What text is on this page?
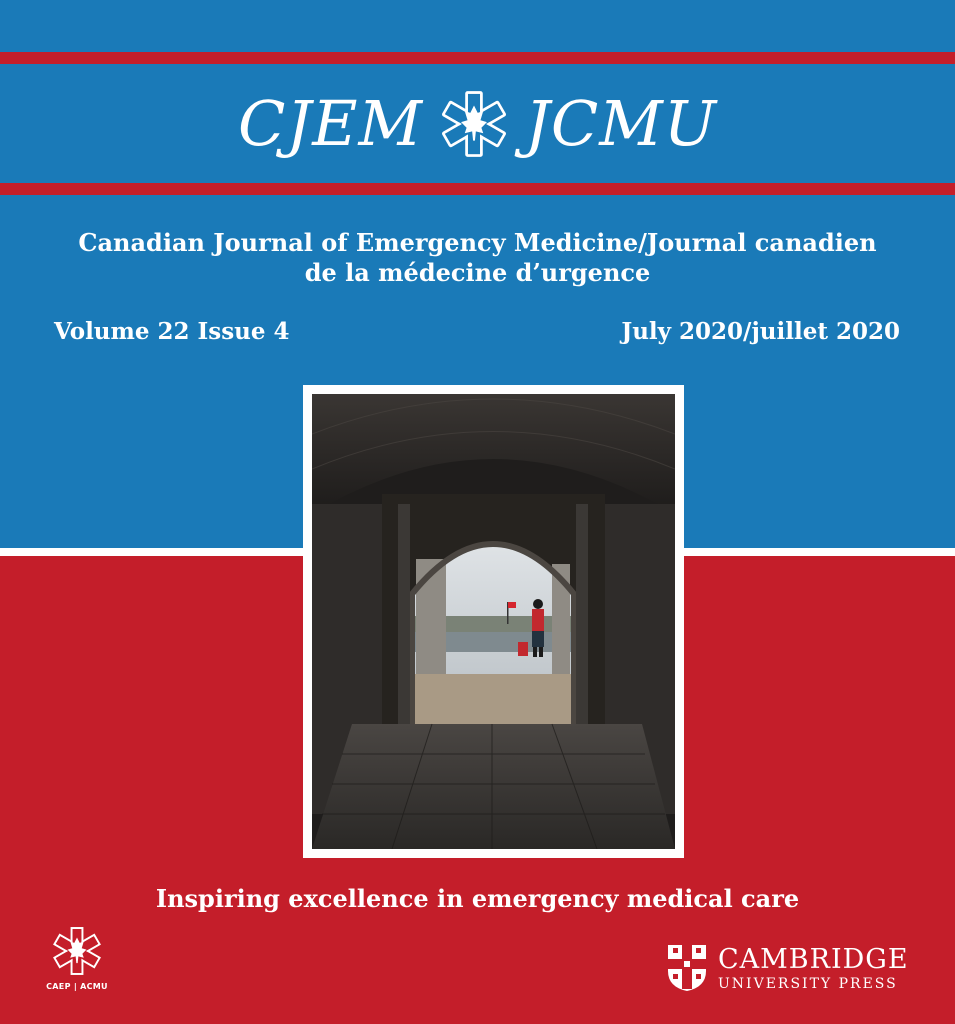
CJEM JCMU
Canadian Journal of Emergency Medicine/Journal canadien
de la médecine d’urgence
Volume 22 Issue 4	July 2020/juillet 2020
Inspiring excellence in emergency medical care
CAEP | ACMU
CAMBRIDGE
UNIVERSITY PRESS
